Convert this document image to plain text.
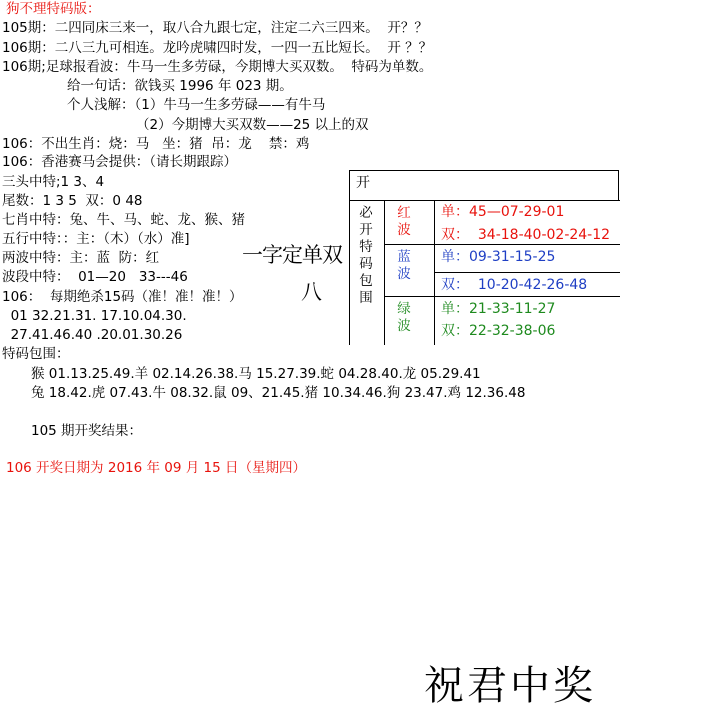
狗不理特码版：
105期：二四同床三来一，取八合九跟七定，注定二六三四来。  开？？
106期：二八三九可相连。龙吟虎啸四时发，一四一五比短长。  开 ？？
106期;足球报看波：牛马一生多劳碌，今期博大买双数。  特码为单数。
给一句话：欲钱买 1996 年 023 期。
个人浅解：（1）牛马一生多劳碌——有牛马
（2）今期博大买双数——25 以上的双
106：不出生肖：烧：马   坐：猪  吊：龙    禁：鸡
106：香港赛马会提供：（请长期跟踪）
三头中特;1 3、4
尾数：1 3 5  双：0 48
七肖中特：兔、牛、马、蛇、龙、猴、猪
五行中特：：主：（木）（水）准]
两波中特：主：蓝  防：红
波段中特：  01—20   33---46
106：  每期绝杀15码（准！准！准！）
01 32.21.31. 17.10.04.30.
27.41.46.40 .20.01.30.26
特码包围：
猴 01.13.25.49.羊 02.14.26.38.马 15.27.39.蛇 04.28.40.龙 05.29.41
兔 18.42.虎 07.43.牛 08.32.鼠 09、21.45.猪 10.34.46.狗 23.47.鸡 12.36.48
105 期开奖结果：
106 开奖日期为 2016 年 09 月 15 日（星期四）
一字定单双
八
开
必开特码包围
红波
蓝波
绿波
单：45—07-29-01
双：  34-18-40-02-24-12
单：09-31-15-25
双：  10-20-42-26-48
单：21-33-11-27
双：22-32-38-06
祝君中奖
